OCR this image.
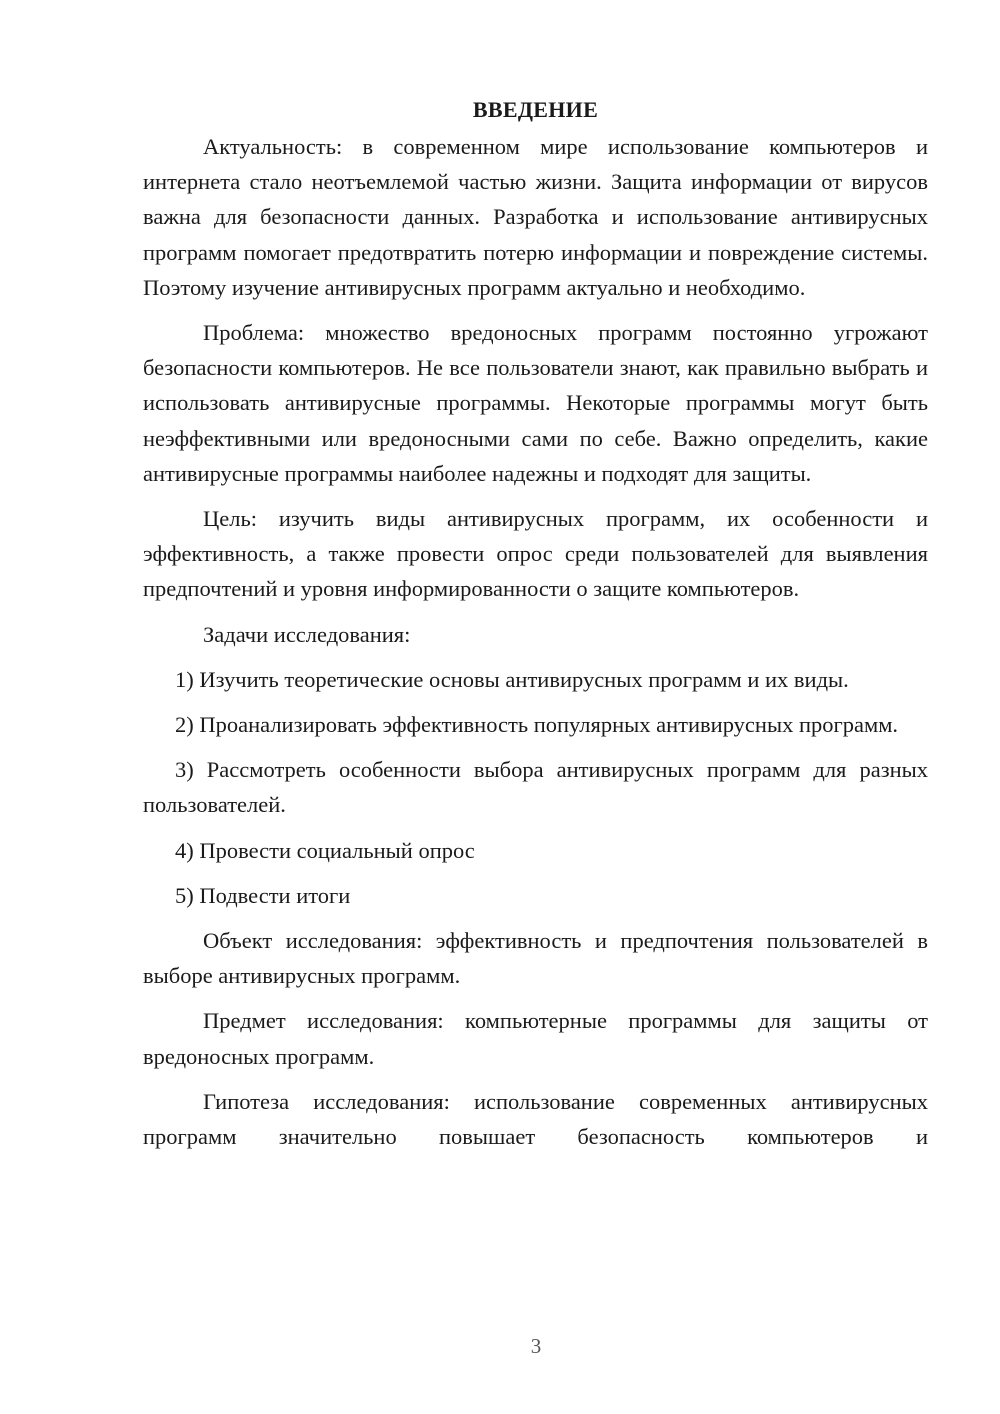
ВВЕДЕНИЕ

Актуальность: в современном мире использование компьютеров и интернета стало неотъемлемой частью жизни. Защита информации от вирусов важна для безопасности данных. Разработка и использование антивирусных программ помогает предотвратить потерю информации и повреждение системы. Поэтому изучение антивирусных программ актуально и необходимо.

Проблема: множество вредоносных программ постоянно угрожают безопасности компьютеров. Не все пользователи знают, как правильно выбрать и использовать антивирусные программы. Некоторые программы могут быть неэффективными или вредоносными сами по себе. Важно определить, какие антивирусные программы наиболее надежны и подходят для защиты.

Цель: изучить виды антивирусных программ, их особенности и эффективность, а также провести опрос среди пользователей для выявления предпочтений и уровня информированности о защите компьютеров.

Задачи исследования:

1) Изучить теоретические основы антивирусных программ и их виды.

2) Проанализировать эффективность популярных антивирусных программ.

3) Рассмотреть особенности выбора антивирусных программ для разных пользователей.

4) Провести социальный опрос

5) Подвести итоги

Объект исследования: эффективность и предпочтения пользователей в выборе антивирусных программ.

Предмет исследования: компьютерные программы для защиты от вредоносных программ.

Гипотеза исследования: использование современных антивирусных программ значительно повышает безопасность компьютеров и

3
